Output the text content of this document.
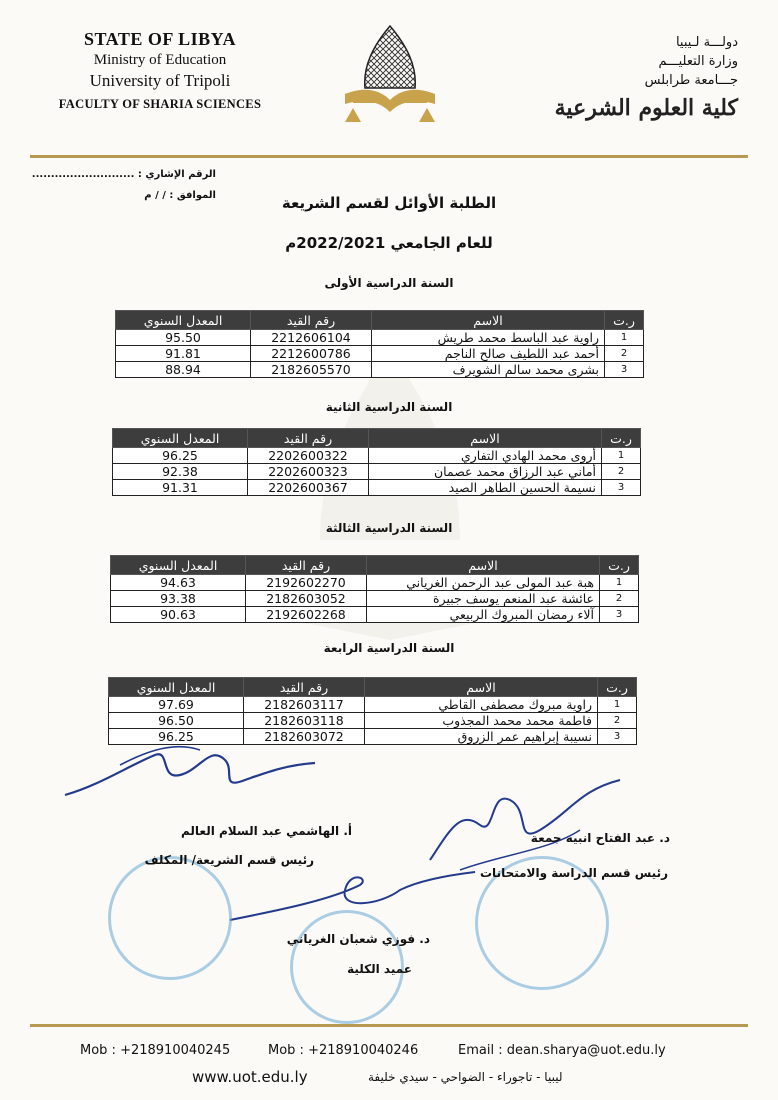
STATE OF LIBYA
Ministry of Education
University of Tripoli
FACULTY OF SHARIA SCIENCES
دولـــة لـيبيا
وزارة التعليـــم
جـــامعة طرابلس
كلية العلوم الشرعية
الرقم الإشاري : ...........................
الموافق : / / م	الطلبة الأوائل لقسم الشريعة
للعام الجامعي 2022/2021م
السنة الدراسية الأولى
ر.ت	الاسم	رقم القيد	المعدل السنوي
1	راوية عبد الباسط محمد طريش	2212606104	95.50
2	أحمد عبد اللطيف صالح الناجم	2212600786	91.81
3	بشرى محمد سالم الشويرف	2182605570	88.94
السنة الدراسية الثانية
ر.ت	الاسم	رقم القيد	المعدل السنوي
1	أروى محمد الهادي التفاري	2202600322	96.25
2	أماني عبد الرزاق محمد عصمان	2202600323	92.38
3	نسيمة الحسين الطاهر الصيد	2202600367	91.31
السنة الدراسية الثالثة
ر.ت	الاسم	رقم القيد	المعدل السنوي
1	هبة عبد المولى عبد الرحمن الغرياني	2192602270	94.63
2	عائشة عبد المنعم يوسف جبيرة	2182603052	93.38
3	آلاء رمضان المبروك الربيعي	2192602268	90.63
السنة الدراسية الرابعة
ر.ت	الاسم	رقم القيد	المعدل السنوي
1	راوية مبروك مصطفى القاطي	2182603117	97.69
2	فاطمة محمد محمد المجذوب	2182603118	96.50
3	نسيبة إبراهيم عمر الزروق	2182603072	96.25
أ. الهاشمي عبد السلام العالم
رئيس قسم الشريعة/ المكلف
د. عبد الفتاح انبيه جمعة
رئيس قسم الدراسة والامتحانات
د. فوزي شعبان الغرياني
عميد الكلية
Mob : +218910040245	Mob : +218910040246	Email : dean.sharya@uot.edu.ly
www.uot.edu.ly	ليبيا - تاجوراء - الضواحي - سيدي خليفة
